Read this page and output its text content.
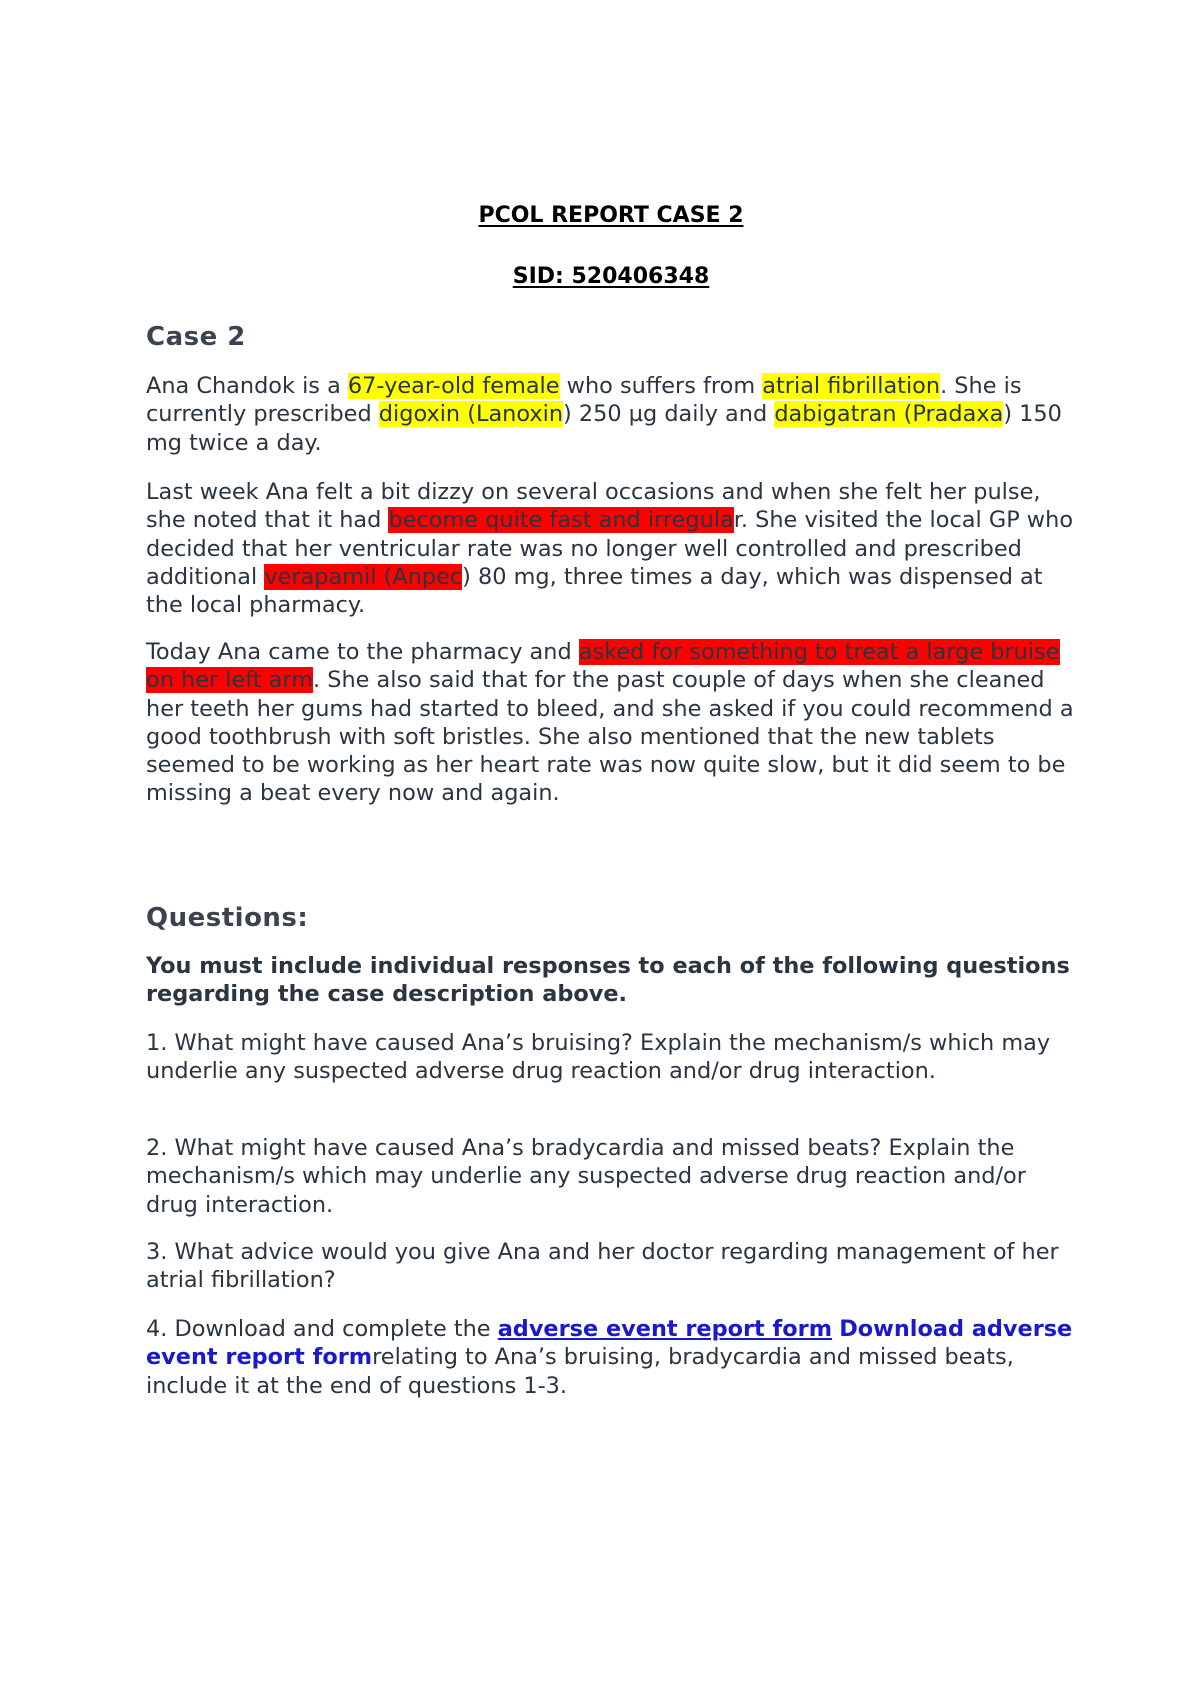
PCOL REPORT CASE 2
SID: 520406348
Case 2
Ana Chandok is a 67-year-old female who suffers from atrial fibrillation. She is currently prescribed digoxin (Lanoxin) 250 µg daily and dabigatran (Pradaxa) 150 mg twice a day.
Last week Ana felt a bit dizzy on several occasions and when she felt her pulse, she noted that it had become quite fast and irregular. She visited the local GP who decided that her ventricular rate was no longer well controlled and prescribed additional verapamil (Anpec) 80 mg, three times a day, which was dispensed at the local pharmacy.
Today Ana came to the pharmacy and asked for something to treat a large bruise on her left arm. She also said that for the past couple of days when she cleaned her teeth her gums had started to bleed, and she asked if you could recommend a good toothbrush with soft bristles. She also mentioned that the new tablets seemed to be working as her heart rate was now quite slow, but it did seem to be missing a beat every now and again.
Questions:
You must include individual responses to each of the following questions regarding the case description above.
1. What might have caused Ana’s bruising? Explain the mechanism/s which may underlie any suspected adverse drug reaction and/or drug interaction.
2. What might have caused Ana’s bradycardia and missed beats? Explain the mechanism/s which may underlie any suspected adverse drug reaction and/or drug interaction.
3. What advice would you give Ana and her doctor regarding management of her atrial fibrillation?
4. Download and complete the adverse event report form Download adverse event report formrelating to Ana’s bruising, bradycardia and missed beats, include it at the end of questions 1-3.
